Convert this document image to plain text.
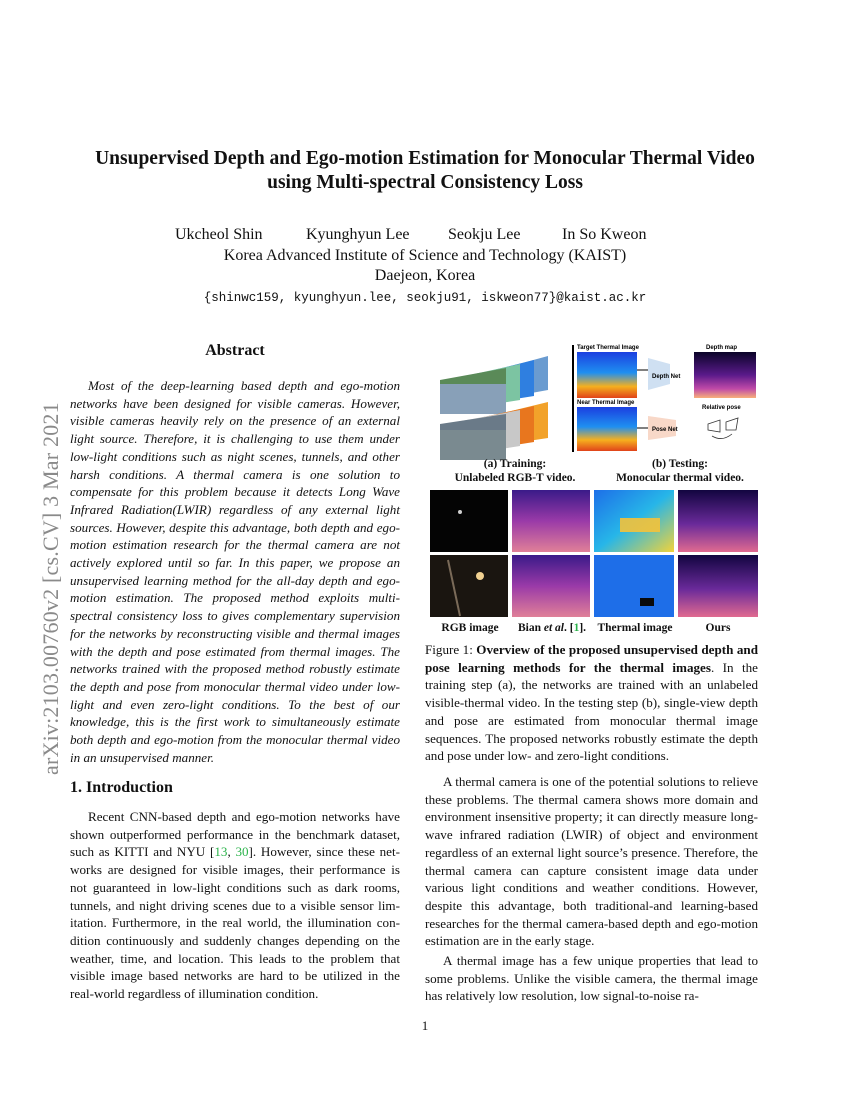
arXiv:2103.00760v2 [cs.CV] 3 Mar 2021
Unsupervised Depth and Ego-motion Estimation for Monocular Thermal Video
using Multi-spectral Consistency Loss
Ukcheol Shin	Kyunghyun Lee Seokju Lee	In So Kweon
Korea Advanced Institute of Science and Technology (KAIST)
Daejeon, Korea
{shinwc159, kyunghyun.lee, seokju91, iskweon77}@kaist.ac.kr
Abstract

Most of the deep-learning based depth and ego-motion networks have been designed for visible cameras. However, visible cameras heavily rely on the presence of an external light source. Therefore, it is challenging to use them under low-light conditions such as night scenes, tunnels, and other harsh conditions. A thermal camera is one solution to compensate for this problem because it detects Long Wave Infrared Radiation(LWIR) regardless of any external light sources. However, despite this advantage, both depth and ego-motion estimation research for the thermal camera are not actively explored until so far. In this paper, we propose an unsupervised learning method for the all-day depth and ego-motion estimation. The proposed method exploits multispectral consistency loss to gives complementary supervision for the networks by reconstructing visible and thermal images with the depth and pose estimated from thermal images. The networks trained with the proposed method robustly estimate the depth and pose from monocular thermal video under low-light and even zero-light conditions. To the best of our knowledge, this is the first work to simultaneously estimate both depth and ego-motion from the monocular thermal video in an unsupervised manner.

1. Introduction

Recent CNN-based depth and ego-motion networks have shown outperformed performance in the benchmark dataset, such as KITTI and NYU [13, 30]. However, since these networks are designed for visible images, their performance is not guaranteed in low-light conditions such as dark rooms, tunnels, and night driving scenes due to a visible sensor limitation. Furthermore, in the real world, the illumination condition continuously and suddenly changes depending on the weather, time, and location. This leads to the problem that visible image based networks are hard to be utilized in the real-world regardless of illumination condition.

Target Thermal Image
Near Thermal Image
Depth Net
Pose Net
Depth map
Relative pose
(a) Training:
Unlabeled RGB-T video.
(b) Testing:
Monocular thermal video.
RGB image	Bian et al. [1]. Thermal image	Ours
Figure 1: Overview of the proposed unsupervised depth and pose learning methods for the thermal images. In the training step (a), the networks are trained with an unlabeled visible-thermal video. In the testing step (b), single-view depth and pose are estimated from monocular thermal image sequences. The proposed networks robustly estimate the depth and pose under low- and zero-light conditions.

A thermal camera is one of the potential solutions to relieve these problems. The thermal camera shows more domain and environment insensitive property; it can directly measure long-wave infrared radiation (LWIR) of object and environment regardless of an external light source’s presence. Therefore, the thermal camera can capture consistent image data under various light conditions and weather conditions. However, despite this advantage, both traditional-and learning-based researches for the thermal camera-based depth and ego-motion estimation are in the early stage.

A thermal image has a few unique properties that lead to some problems. Unlike the visible camera, the thermal image has relatively low resolution, low signal-to-noise ra-

1
